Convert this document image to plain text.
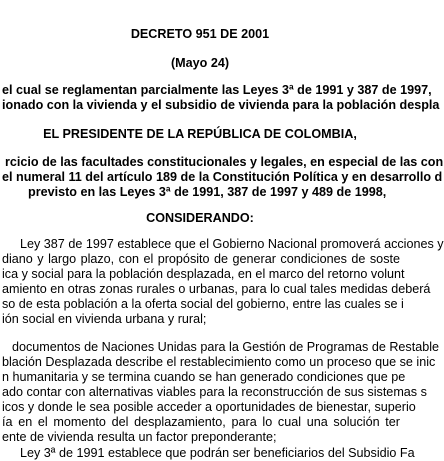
DECRETO 951 DE 2001
(Mayo 24)
el cual se reglamentan parcialmente las Leyes 3ª de 1991 y 387 de 1997,
ionado con la vivienda y el subsidio de vivienda para la población despla
EL PRESIDENTE DE LA REPÚBLICA DE COLOMBIA,
rcicio de las facultades constitucionales y legales, en especial de las con
el numeral 11 del artículo 189 de la Constitución Política y en desarrollo d
previsto en las Leyes 3ª de 1991, 387 de 1997 y 489 de 1998,
CONSIDERANDO:
Ley 387 de 1997 establece que el Gobierno Nacional promoverá acciones y
diano y largo plazo, con el propósito de generar condiciones de soste
ica y social para la población desplazada, en el marco del retorno volunt
amiento en otras zonas rurales o urbanas, para lo cual tales medidas deberá
so de esta población a la oferta social del gobierno, entre las cuales se i
ión social en vivienda urbana y rural;
documentos de Naciones Unidas para la Gestión de Programas de Restable
blación Desplazada describe el restablecimiento como un proceso que se inic
n humanitaria y se termina cuando se han generado condiciones que pe
ado contar con alternativas viables para la reconstrucción de sus sistemas s
icos y donde le sea posible acceder a oportunidades de bienestar, superio
ía en el momento del desplazamiento, para lo cual una solución ter
ente de vivienda resulta un factor preponderante;
Ley 3ª de 1991 establece que podrán ser beneficiarios del Subsidio Fa
